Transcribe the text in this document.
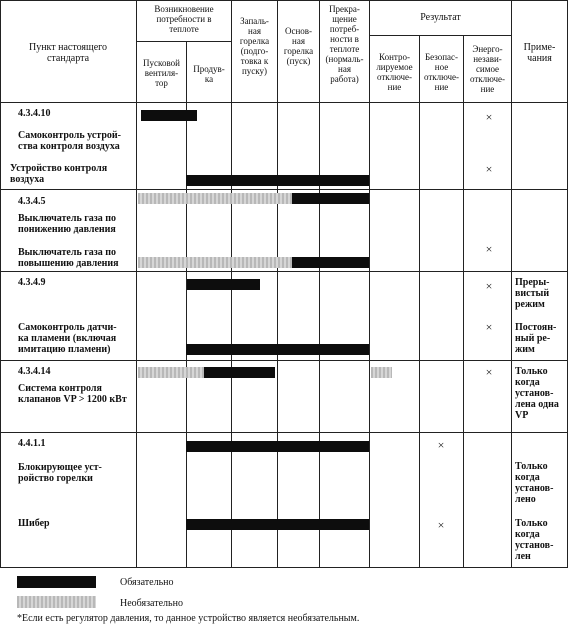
Пункт настоящего
стандарта
Возникновение
потребности в
теплоте
Пусковой
вентиля-
тор
Продув-
ка
Запаль-
ная
горелка
(подго-
товка к
пуску)
Основ-
ная
горелка
(пуск)
Прекра-
щение
потреб-
ности в
теплоте
(нормаль-
ная
работа)
Результат
Контро-
лируемое
отключе-
ние
Безопас-
ное
отключе-
ние
Энерго-
незави-
симое
отключе-
ние
Приме-
чания
4.3.4.10
Самоконтроль устрой-
ства контроля воздуха
Устройство контроля
воздуха
×
×
4.3.4.5
Выключатель газа по
понижению давления
Выключатель газа по
повышению давления
×
4.3.4.9
Самоконтроль датчи-
ка пламени (включая
имитацию пламени)
×
×
Преры-
вистый
режим
Постоян-
ный ре-
жим
4.3.4.14
Система контроля
клапанов VP > 1200 кВт
×	Только
когда
установ-
лена одна
VP
4.4.1.1
Блокирующее уст-
ройство горелки
Шибер
×
×
Только
когда
установ-
лено
Только
когда
установ-
лен
Обязательно
Необязательно
*Если есть регулятор давления, то данное устройство является необязательным.
